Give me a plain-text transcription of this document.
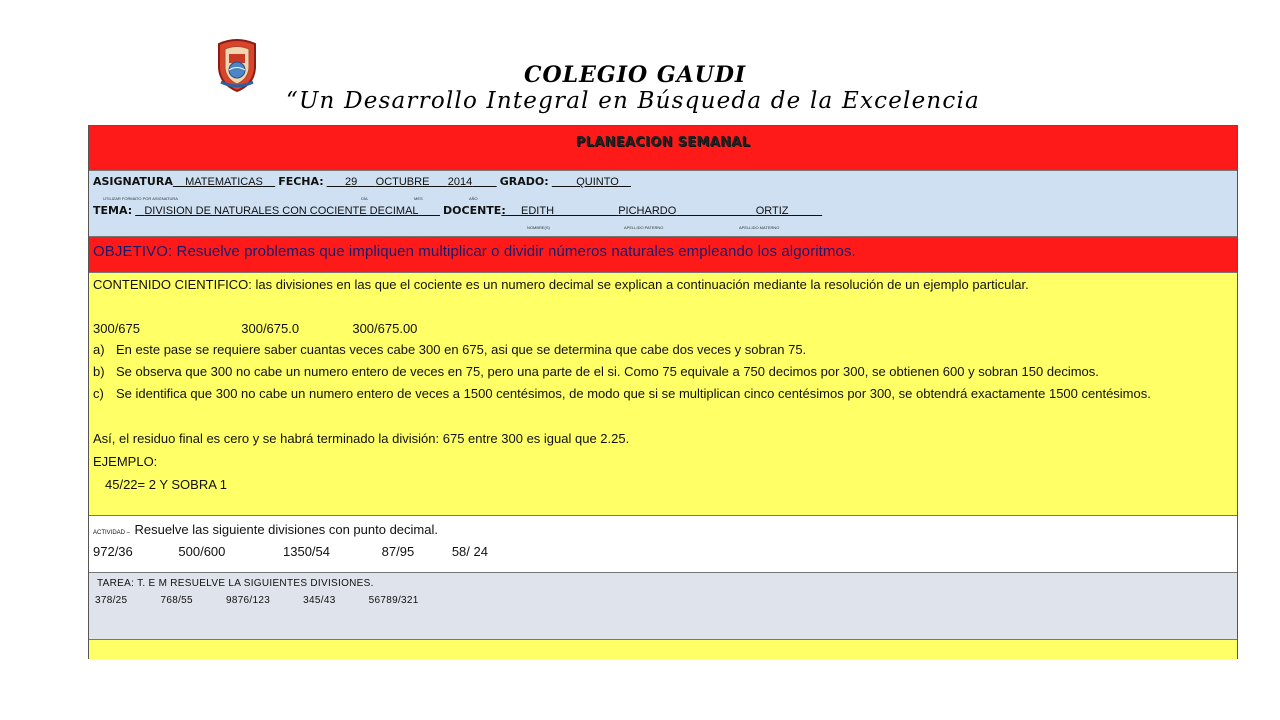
COLEGIO GAUDI
“Un Desarrollo Integral en Búsqueda de la Excelencia
PLANEACION SEMANAL
ASIGNATURA MATEMATICAS FECHA: 29 OCTUBRE 2014	GRADO:	QUINTO
UTILIZAR FORMATO POR ASIGNATURA	DÍA	MES	AÑO
TEMA: DIVISION DE NATURALES CON COCIENTE DECIMAL DOCENTE: EDITH	PICHARDO	ORTIZ
NOMBRE(S)	APELLIDO PATERNO	APELLIDO MATERNO
OBJETIVO: Resuelve problemas que impliquen multiplicar o dividir números naturales empleando los algoritmos.
CONTENIDO CIENTIFICO: las divisiones en las que el cociente es un numero decimal se explican a continuación mediante la resolución de un ejemplo particular.
300/675	300/675.0	300/675.00
a) En este pase se requiere saber cuantas veces cabe 300 en 675, asi que se determina que cabe dos veces y sobran 75.
b) Se observa que 300 no cabe un numero entero de veces en 75, pero una parte de el si. Como 75 equivale a 750 decimos por 300, se obtienen 600 y sobran 150 decimos.
c) Se identifica que 300 no cabe un numero entero de veces a 1500 centésimos, de modo que si se multiplican cinco centésimos por 300, se obtendrá exactamente 1500 centésimos.
Así, el residuo final es cero y se habrá terminado la división: 675 entre 300 es igual que 2.25.
EJEMPLO:
45/22= 2 Y SOBRA 1
ACTIVIDAD – Resuelve las siguiente divisiones con punto decimal.
972/36	500/600	1350/54	87/95	58/ 24
TAREA: T. E M RESUELVE LA SIGUIENTES DIVISIONES.
378/25	768/55	9876/123	345/43	56789/321
